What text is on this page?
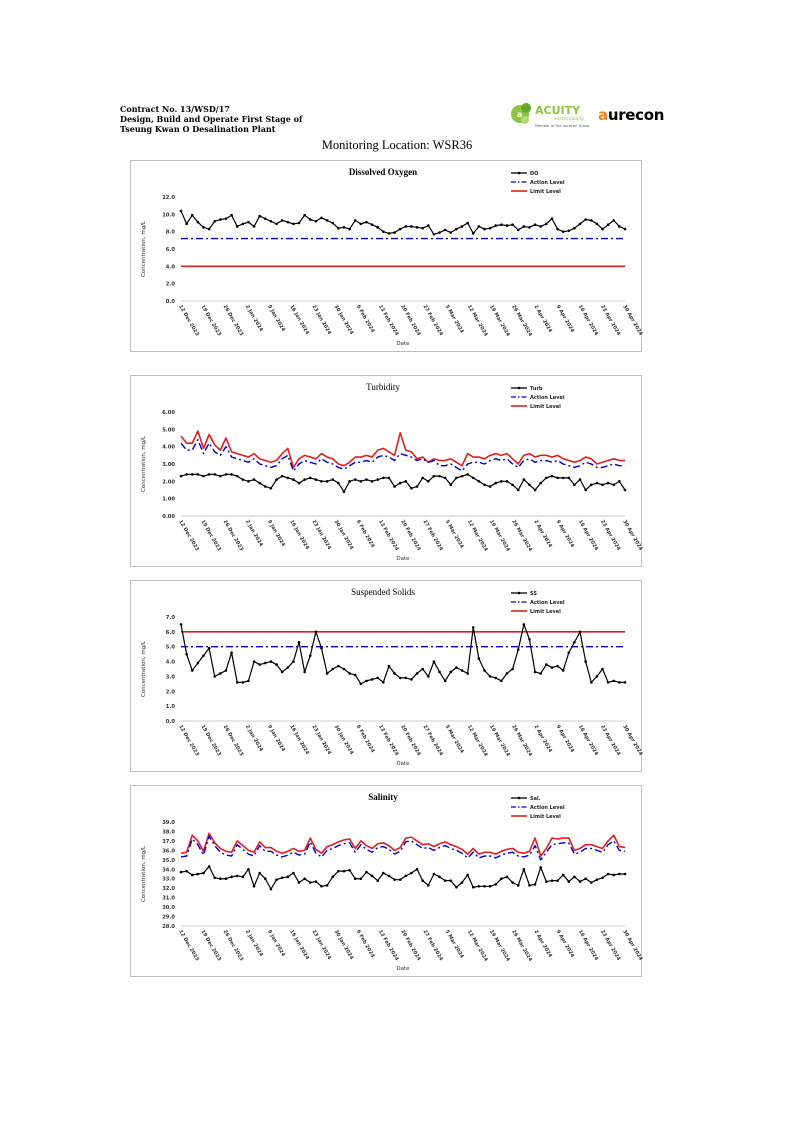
Contract No. 13/WSD/17
Design, Build and Operate First Stage of
Tseung Kwan O Desalination Plant
a ACUITY
sustainability
Member of the Aurecon Group
aurecon
Monitoring Location: WSR36
Dissolved Oxygen
0.0
2.0
4.0
6.0
8.0
10.0
12.0
Concentration, mg/L
12 Dec 2023 19 Dec 2023 26 Dec 2023 2 Jan 2024 9 Jan 2024 16 Jan 2024 23 Jan 2024 30 Jan 2024 6 Feb 2024 13 Feb 2024 20 Feb 2024 27 Feb 2024 5 Mar 2024 12 Mar 2024 19 Mar 2024 26 Mar 2024 2 Apr 2024 9 Apr 2024 16 Apr 2024 23 Apr 2024 30 Apr 2024
Date
DO
Action Level
Limit Level
Turbidity
0.00
1.00
2.00
3.00
4.00
5.00
6.00
Concentration, mg/L
12 Dec 2023 19 Dec 2023 26 Dec 2023 2 Jan 2024 9 Jan 2024 16 Jan 2024 23 Jan 2024 30 Jan 2024 6 Feb 2024 13 Feb 2024 20 Feb 2024 27 Feb 2024 5 Mar 2024 12 Mar 2024 19 Mar 2024 26 Mar 2024 2 Apr 2024 9 Apr 2024 16 Apr 2024 23 Apr 2024 30 Apr 2024
Date
Turb
Action Level
Limit Level
Suspended Solids
0.0
1.0
2.0
3.0
4.0
5.0
6.0
7.0
Concentration, mg/L
12 Dec 2023 19 Dec 2023 26 Dec 2023 2 Jan 2024 9 Jan 2024 16 Jan 2024 23 Jan 2024 30 Jan 2024 6 Feb 2024 13 Feb 2024 20 Feb 2024 27 Feb 2024 5 Mar 2024 12 Mar 2024 19 Mar 2024 26 Mar 2024 2 Apr 2024 9 Apr 2024 16 Apr 2024 23 Apr 2024 30 Apr 2024
Date
SS
Action Level
Limit Level
Salinity
28.0
29.0
30.0
31.0
32.0
33.0
34.0
35.0
36.0
37.0
38.0
39.0
Concentration, mg/L
12 Dec 2023 19 Dec 2023 26 Dec 2023 2 Jan 2024 9 Jan 2024 16 Jan 2024 23 Jan 2024 30 Jan 2024 6 Feb 2024 13 Feb 2024 20 Feb 2024 27 Feb 2024 5 Mar 2024 12 Mar 2024 19 Mar 2024 26 Mar 2024 2 Apr 2024 9 Apr 2024 16 Apr 2024 23 Apr 2024 30 Apr 2024
Date
Sal.
Action Level
Limit Level
